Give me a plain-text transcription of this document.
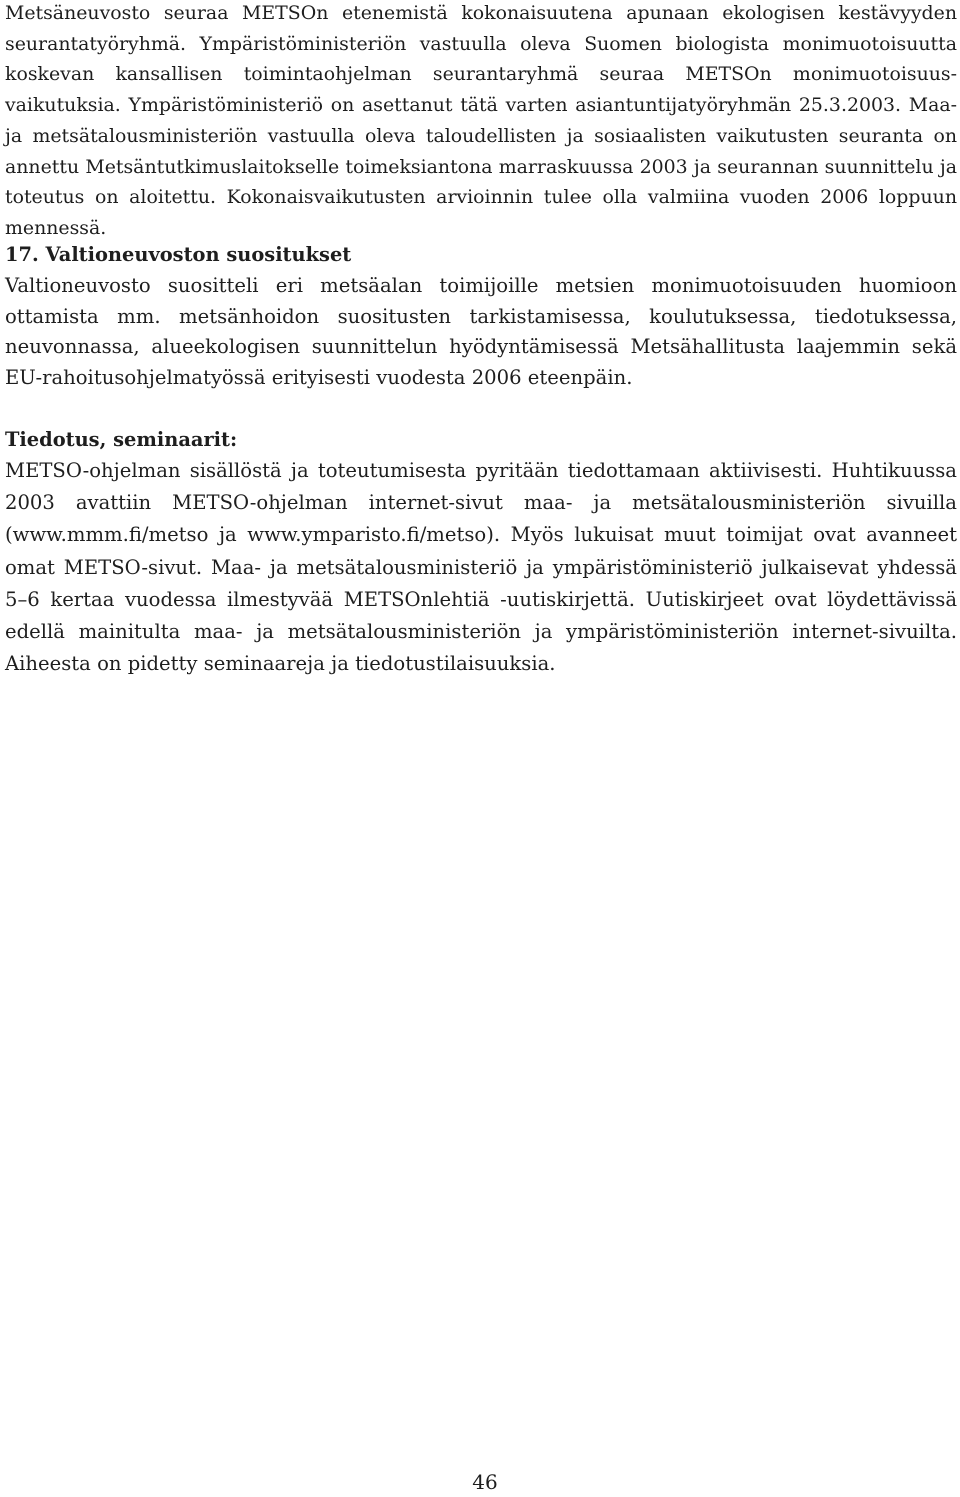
Metsäneuvosto seuraa METSOn etenemistä kokonaisuutena apunaan ekologisen kestävyyden seurantatyöryhmä. Ympäristöministeriön vastuulla oleva Suomen biologista monimuotoisuutta koskevan kansallisen toimintaohjelman seurantaryhmä seuraa METSOn monimuotoisuus-vaikutuksia. Ympäristöministeriö on asettanut tätä varten asiantuntijatyöryhmän 25.3.2003. Maa- ja metsätalousministeriön vastuulla oleva taloudellisten ja sosiaalisten vaikutusten seuranta on annettu Metsäntutkimuslaitokselle toimeksiantona marraskuussa 2003 ja seurannan suunnittelu ja toteutus on aloitettu. Kokonaisvaikutusten arvioinnin tulee olla valmiina vuoden 2006 loppuun mennessä.

17. Valtioneuvoston suositukset

Valtioneuvosto suositteli eri metsäalan toimijoille metsien monimuotoisuuden huomioon ottamista mm. metsänhoidon suositusten tarkistamisessa, koulutuksessa, tiedotuksessa, neuvonnassa, alueekologisen suunnittelun hyödyntämisessä Metsähallitusta laajemmin sekä EU-rahoitusohjelmatyössä erityisesti vuodesta 2006 eteenpäin.

Tiedotus, seminaarit:

METSO-ohjelman sisällöstä ja toteutumisesta pyritään tiedottamaan aktiivisesti. Huhtikuussa 2003 avattiin METSO-ohjelman internet-sivut maa- ja metsätalousministeriön sivuilla (www.mmm.fi/metso ja www.ymparisto.fi/metso). Myös lukuisat muut toimijat ovat avanneet omat METSO-sivut. Maa- ja metsätalousministeriö ja ympäristöministeriö julkaisevat yhdessä 5–6 kertaa vuodessa ilmestyvää METSOnlehtiä -uutiskirjettä. Uutiskirjeet ovat löydettävissä edellä mainitulta maa- ja metsätalousministeriön ja ympäristöministeriön internet-sivuilta. Aiheesta on pidetty seminaareja ja tiedotustilaisuuksia.

46
